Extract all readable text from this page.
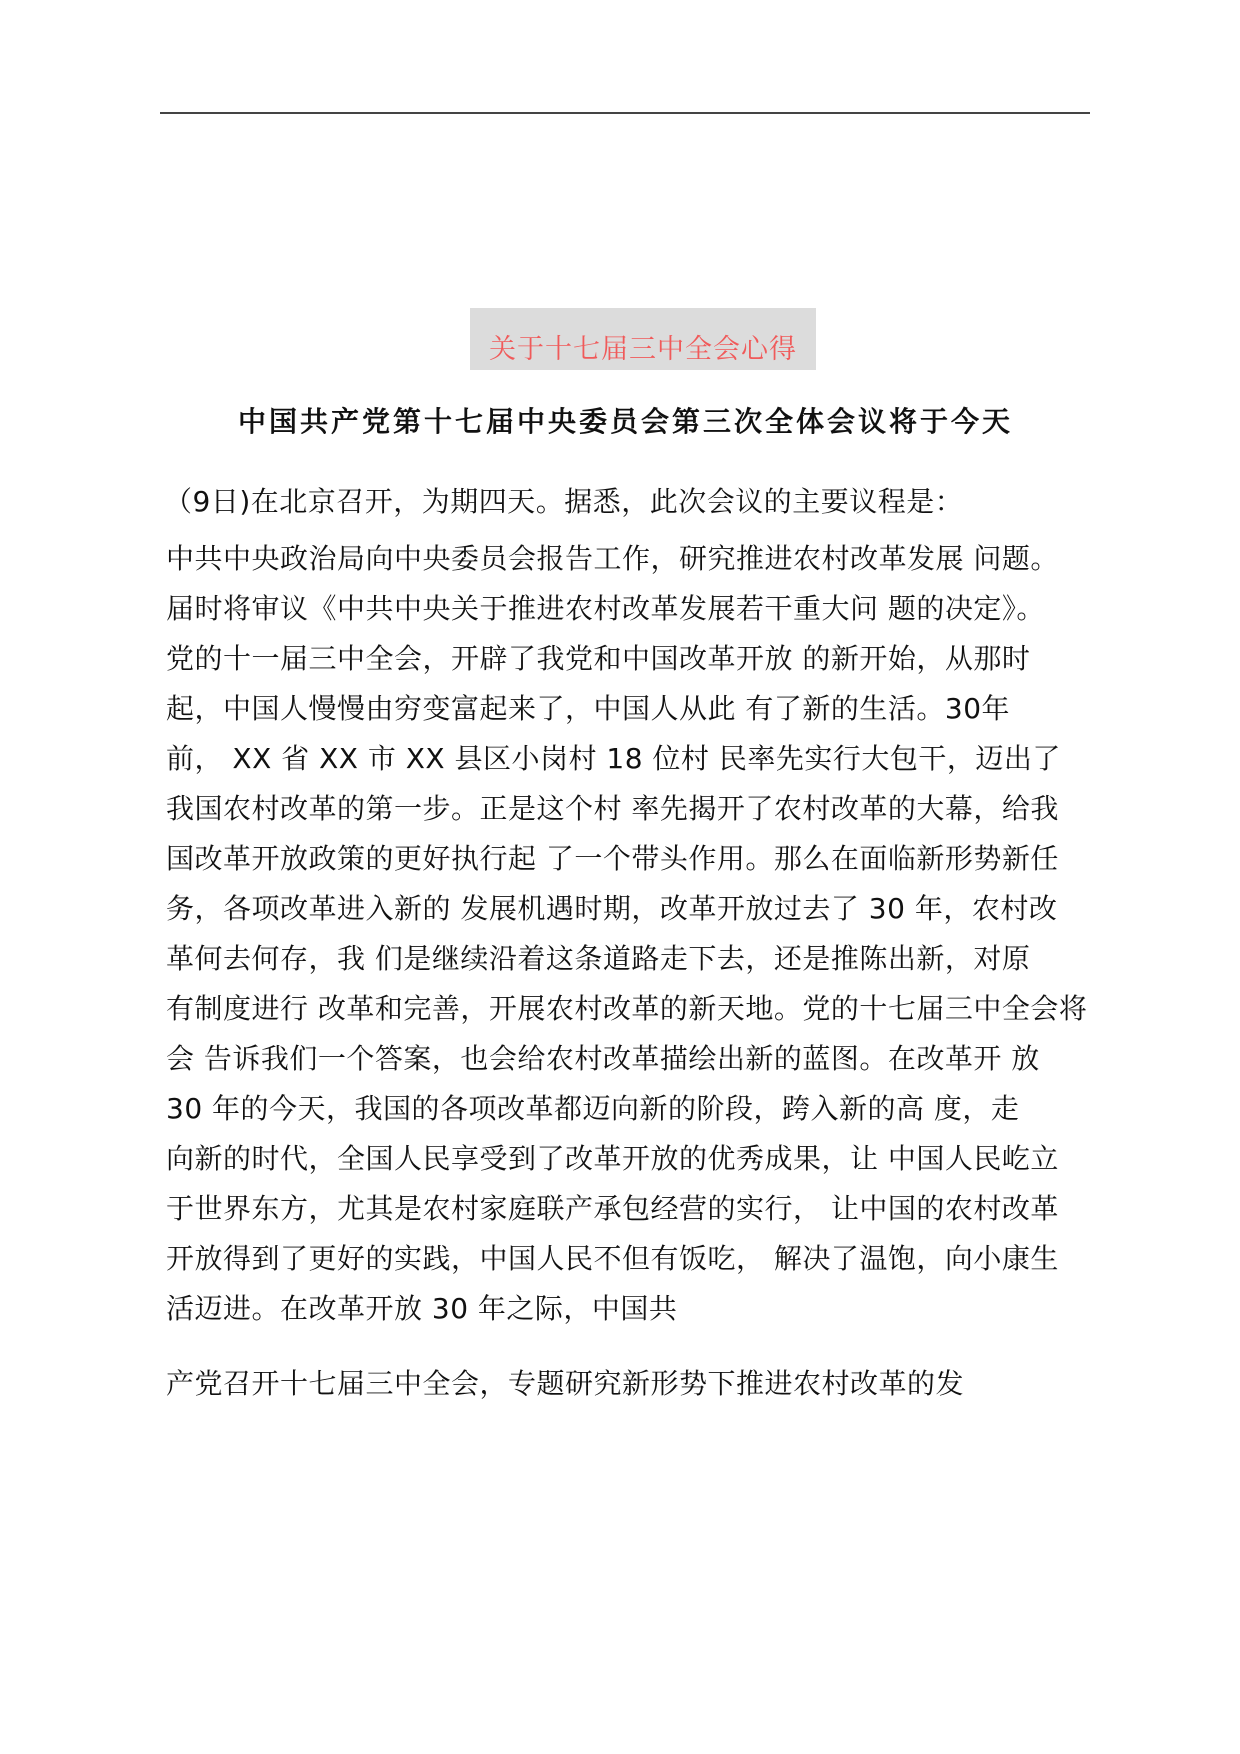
关于十七届三中全会心得
中国共产党第十七届中央委员会第三次全体会议将于今天
（9日)在北京召开，为期四天。据悉，此次会议的主要议程是：
中共中央政治局向中央委员会报告工作，研究推进农村改革发展 问题。
届时将审议《中共中央关于推进农村改革发展若干重大问 题的决定》。
党的十一届三中全会，开辟了我党和中国改革开放 的新开始，从那时
起，中国人慢慢由穷变富起来了，中国人从此 有了新的生活。30年
前， XX 省 XX 市 XX 县区小岗村 18 位村 民率先实行大包干，迈出了
我国农村改革的第一步。正是这个村 率先揭开了农村改革的大幕，给我
国改革开放政策的更好执行起 了一个带头作用。那么在面临新形势新任
务，各项改革进入新的 发展机遇时期，改革开放过去了 30 年，农村改
革何去何存，我 们是继续沿着这条道路走下去，还是推陈出新，对原
有制度进行 改革和完善，开展农村改革的新天地。党的十七届三中全会将
会 告诉我们一个答案，也会给农村改革描绘出新的蓝图。在改革开 放
30 年的今天，我国的各项改革都迈向新的阶段，跨入新的高 度，走
向新的时代，全国人民享受到了改革开放的优秀成果，让 中国人民屹立
于世界东方，尤其是农村家庭联产承包经营的实行， 让中国的农村改革
开放得到了更好的实践，中国人民不但有饭吃， 解决了温饱，向小康生
活迈进。在改革开放 30 年之际，中国共
产党召开十七届三中全会，专题研究新形势下推进农村改革的发
